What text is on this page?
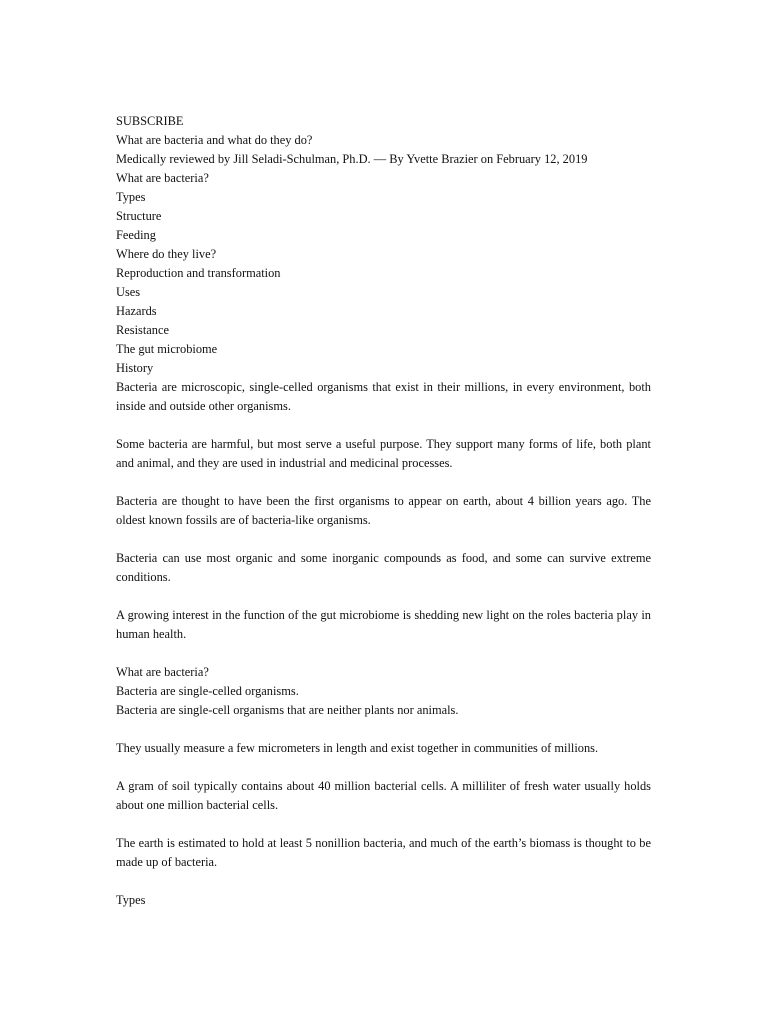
SUBSCRIBE
What are bacteria and what do they do?
Medically reviewed by Jill Seladi-Schulman, Ph.D. — By Yvette Brazier on February 12, 2019
What are bacteria?
Types
Structure
Feeding
Where do they live?
Reproduction and transformation
Uses
Hazards
Resistance
The gut microbiome
History

Bacteria are microscopic, single-celled organisms that exist in their millions, in every environment, both inside and outside other organisms.

Some bacteria are harmful, but most serve a useful purpose. They support many forms of life, both plant and animal, and they are used in industrial and medicinal processes.

Bacteria are thought to have been the first organisms to appear on earth, about 4 billion years ago. The oldest known fossils are of bacteria-like organisms.

Bacteria can use most organic and some inorganic compounds as food, and some can survive extreme conditions.

A growing interest in the function of the gut microbiome is shedding new light on the roles bacteria play in human health.

What are bacteria?
Bacteria are single-celled organisms.

Bacteria are single-cell organisms that are neither plants nor animals.

They usually measure a few micrometers in length and exist together in communities of millions.

A gram of soil typically contains about 40 million bacterial cells. A milliliter of fresh water usually holds about one million bacterial cells.

The earth is estimated to hold at least 5 nonillion bacteria, and much of the earth’s biomass is thought to be made up of bacteria.

Types
